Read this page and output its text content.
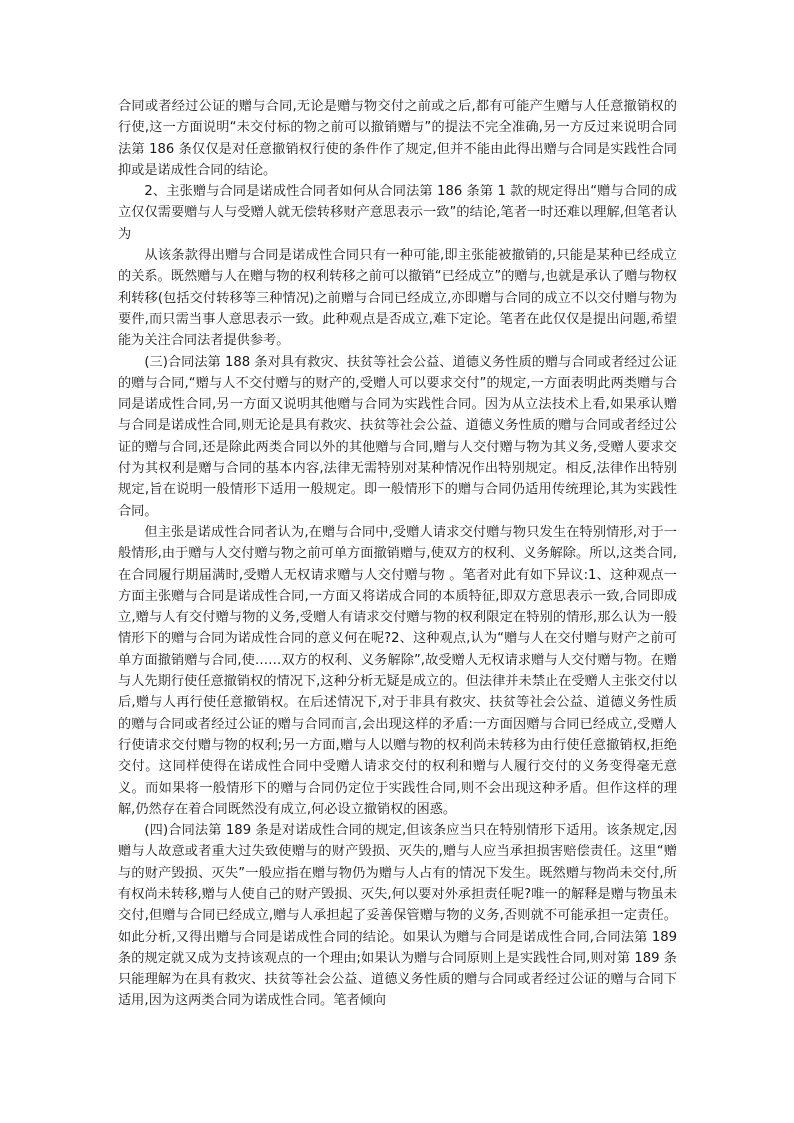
合同或者经过公证的赠与合同,无论是赠与物交付之前或之后,都有可能产生赠与人任意撤销权的行使,这一方面说明“未交付标的物之前可以撤销赠与”的提法不完全准确,另一方反过来说明合同法第 186 条仅仅是对任意撤销权行使的条件作了规定,但并不能由此得出赠与合同是实践性合同抑或是诺成性合同的结论。

2、主张赠与合同是诺成性合同者如何从合同法第 186 条第 1 款的规定得出“赠与合同的成立仅仅需要赠与人与受赠人就无偿转移财产意思表示一致”的结论,笔者一时还难以理解,但笔者认为

从该条款得出赠与合同是诺成性合同只有一种可能,即主张能被撤销的,只能是某种已经成立的关系。既然赠与人在赠与物的权利转移之前可以撤销“已经成立”的赠与,也就是承认了赠与物权利转移(包括交付转移等三种情况)之前赠与合同已经成立,亦即赠与合同的成立不以交付赠与物为要件,而只需当事人意思表示一致。此种观点是否成立,难下定论。笔者在此仅仅是提出问题,希望能为关注合同法者提供参考。

(三)合同法第 188 条对具有救灾、扶贫等社会公益、道德义务性质的赠与合同或者经过公证的赠与合同,“赠与人不交付赠与的财产的,受赠人可以要求交付”的规定,一方面表明此两类赠与合同是诺成性合同,另一方面又说明其他赠与合同为实践性合同。因为从立法技术上看,如果承认赠与合同是诺成性合同,则无论是具有救灾、扶贫等社会公益、道德义务性质的赠与合同或者经过公证的赠与合同,还是除此两类合同以外的其他赠与合同,赠与人交付赠与物为其义务,受赠人要求交付为其权利是赠与合同的基本内容,法律无需特别对某种情况作出特别规定。相反,法律作出特别规定,旨在说明一般情形下适用一般规定。即一般情形下的赠与合同仍适用传统理论,其为实践性合同。

但主张是诺成性合同者认为,在赠与合同中,受赠人请求交付赠与物只发生在特别情形,对于一般情形,由于赠与人交付赠与物之前可单方面撤销赠与,使双方的权利、义务解除。所以,这类合同,在合同履行期届满时,受赠人无权请求赠与人交付赠与物 。笔者对此有如下异议:1、这种观点一方面主张赠与合同是诺成性合同,一方面又将诺成合同的本质特征,即双方意思表示一致,合同即成立,赠与人有交付赠与物的义务,受赠人有请求交付赠与物的权利限定在特别的情形,那么认为一般情形下的赠与合同为诺成性合同的意义何在呢?2、这种观点,认为“赠与人在交付赠与财产之前可单方面撤销赠与合同,使……双方的权利、义务解除”,故受赠人无权请求赠与人交付赠与物。在赠与人先期行使任意撤销权的情况下,这种分析无疑是成立的。但法律并未禁止在受赠人主张交付以后,赠与人再行使任意撤销权。在后述情况下,对于非具有救灾、扶贫等社会公益、道德义务性质的赠与合同或者经过公证的赠与合同而言,会出现这样的矛盾:一方面因赠与合同已经成立,受赠人行使请求交付赠与物的权利;另一方面,赠与人以赠与物的权利尚未转移为由行使任意撤销权,拒绝交付。这同样使得在诺成性合同中受赠人请求交付的权利和赠与人履行交付的义务变得毫无意义。而如果将一般情形下的赠与合同仍定位于实践性合同,则不会出现这种矛盾。但作这样的理解,仍然存在着合同既然没有成立,何必设立撤销权的困惑。

(四)合同法第 189 条是对诺成性合同的规定,但该条应当只在特别情形下适用。该条规定,因赠与人故意或者重大过失致使赠与的财产毁损、灭失的,赠与人应当承担损害赔偿责任。这里“赠与的财产毁损、灭失”一般应指在赠与物仍为赠与人占有的情况下发生。既然赠与物尚未交付,所有权尚未转移,赠与人使自己的财产毁损、灭失,何以要对外承担责任呢?唯一的解释是赠与物虽未交付,但赠与合同已经成立,赠与人承担起了妥善保管赠与物的义务,否则就不可能承担一定责任。如此分析,又得出赠与合同是诺成性合同的结论。如果认为赠与合同是诺成性合同,合同法第 189 条的规定就又成为支持该观点的一个理由;如果认为赠与合同原则上是实践性合同,则对第 189 条只能理解为在具有救灾、扶贫等社会公益、道德义务性质的赠与合同或者经过公证的赠与合同下适用,因为这两类合同为诺成性合同。笔者倾向
